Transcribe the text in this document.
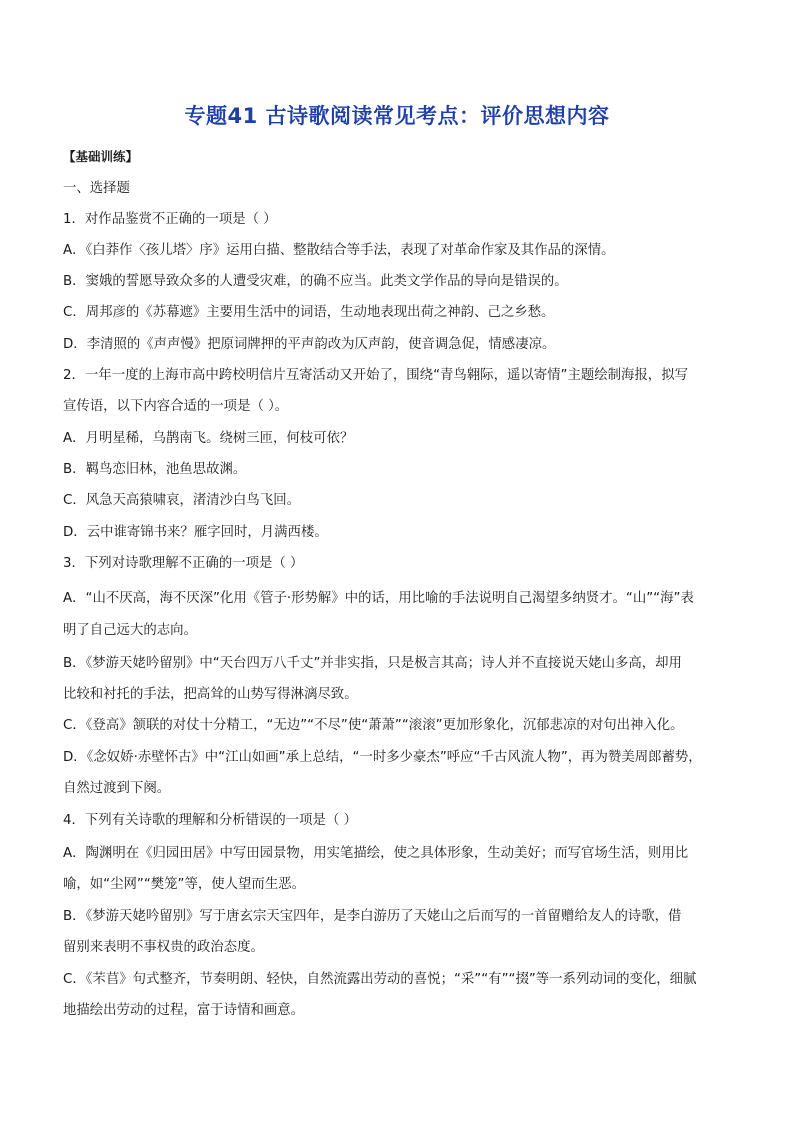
专题41 古诗歌阅读常见考点：评价思想内容
【基础训练】
一、选择题
1．对作品鉴赏不正确的一项是（ ）
A．《白莽作〈孩儿塔〉序》运用白描、整散结合等手法，表现了对革命作家及其作品的深情。
B．窦娥的誓愿导致众多的人遭受灾难，的确不应当。此类文学作品的导向是错误的。
C．周邦彦的《苏幕遮》主要用生活中的词语，生动地表现出荷之神韵、己之乡愁。
D．李清照的《声声慢》把原词牌押的平声韵改为仄声韵，使音调急促，情感凄凉。
2．一年一度的上海市高中跨校明信片互寄活动又开始了，围绕“青鸟翱际，遥以寄情”主题绘制海报，拟写
宣传语，以下内容合适的一项是（ ）。
A．月明星稀，乌鹊南飞。绕树三匝，何枝可依？
B．羁鸟恋旧林，池鱼思故渊。
C．风急天高猿啸哀，渚清沙白鸟飞回。
D．云中谁寄锦书来？雁字回时，月满西楼。
3．下列对诗歌理解不正确的一项是（ ）
A．“山不厌高，海不厌深”化用《管子·形势解》中的话，用比喻的手法说明自己渴望多纳贤才。“山”“海”表
明了自己远大的志向。
B．《梦游天姥吟留别》中“天台四万八千丈”并非实指，只是极言其高；诗人并不直接说天姥山多高，却用
比较和衬托的手法，把高耸的山势写得淋漓尽致。
C．《登高》颔联的对仗十分精工，“无边”“不尽”使“萧萧”“滚滚”更加形象化，沉郁悲凉的对句出神入化。
D．《念奴娇·赤壁怀古》中“江山如画”承上总结，“一时多少豪杰”呼应“千古风流人物”，再为赞美周郎蓄势，
自然过渡到下阕。
4．下列有关诗歌的理解和分析错误的一项是（ ）
A．陶渊明在《归园田居》中写田园景物，用实笔描绘，使之具体形象，生动美好；而写官场生活，则用比
喻，如“尘网”“樊笼”等，使人望而生恶。
B．《梦游天姥吟留别》写于唐玄宗天宝四年，是李白游历了天姥山之后而写的一首留赠给友人的诗歌，借
留别来表明不事权贵的政治态度。
C．《芣苢》句式整齐，节奏明朗、轻快，自然流露出劳动的喜悦；“采”“有”“掇”等一系列动词的变化，细腻
地描绘出劳动的过程，富于诗情和画意。
